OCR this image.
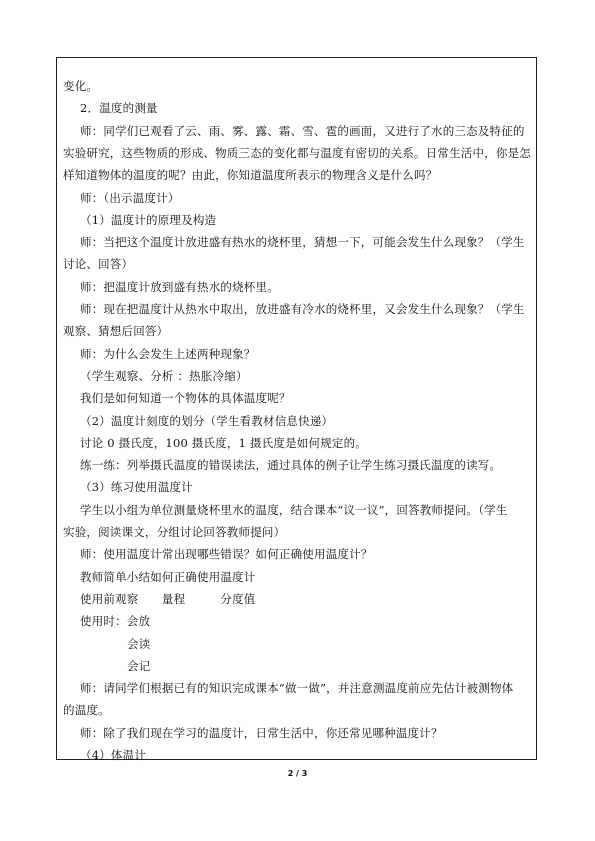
变化。
2．温度的测量
师：同学们已观看了云、雨、雾、露、霜、雪、雹的画面，又进行了水的三态及特征的
实验研究，这些物质的形成、物质三态的变化都与温度有密切的关系。日常生活中，你是怎
样知道物体的温度的呢？由此，你知道温度所表示的物理含义是什么吗？
师：（出示温度计）
（1）温度计的原理及构造
师：当把这个温度计放进盛有热水的烧杯里，猜想一下，可能会发生什么现象？（学生
讨论、回答）
师：把温度计放到盛有热水的烧杯里。
师：现在把温度计从热水中取出，放进盛有冷水的烧杯里，又会发生什么现象？（学生
观察、猜想后回答）
师：为什么会发生上述两种现象？
（学生观察、分析 ：热胀冷缩）
我们是如何知道一个物体的具体温度呢？
（2）温度计刻度的划分（学生看教材信息快递）
讨论 0 摄氏度，100 摄氏度，1 摄氏度是如何规定的。
练一练：列举摄氏温度的错误读法，通过具体的例子让学生练习摄氏温度的读写。
（3）练习使用温度计
学生以小组为单位测量烧杯里水的温度，结合课本“议一议”，回答教师提问。（学生
实验，阅读课文，分组讨论回答教师提问）
师：使用温度计常出现哪些错误？如何正确使用温度计？
教师简单小结如何正确使用温度计
使用前观察　　量程　　　分度值
使用时：会放
会读
会记
师：请同学们根据已有的知识完成课本“做一做”，并注意测温度前应先估计被测物体
的温度。
师：除了我们现在学习的温度计，日常生活中，你还常见哪种温度计？
（4）体温计
2 / 3
